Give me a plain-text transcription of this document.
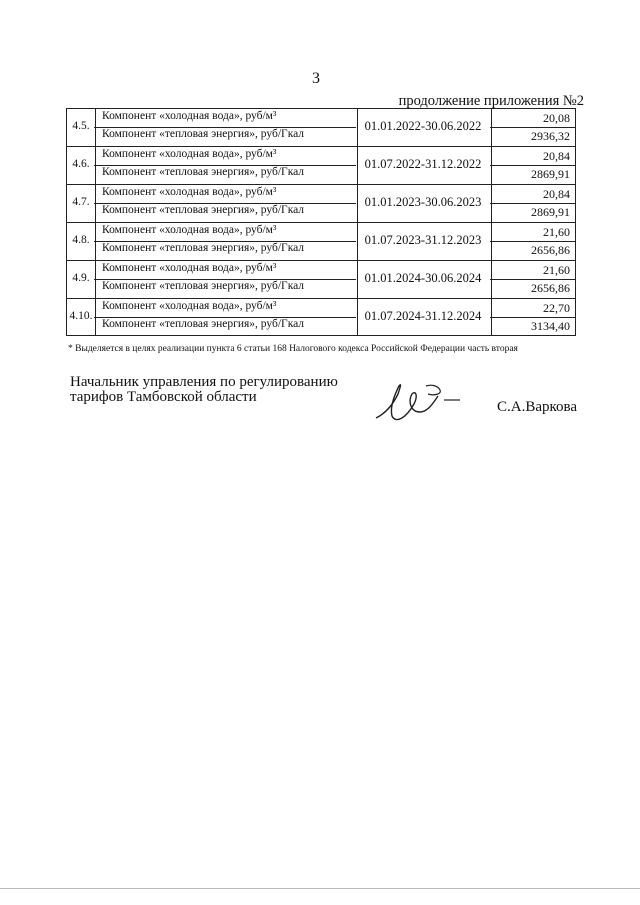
3
продолжение приложения №2
4.5.
Компонент «холодная вода», руб/м³
Компонент «тепловая энергия», руб/Гкал
01.01.2022-30.06.2022
20,08
2936,32
4.6.
Компонент «холодная вода», руб/м³
Компонент «тепловая энергия», руб/Гкал
01.07.2022-31.12.2022
20,84
2869,91
4.7.
Компонент «холодная вода», руб/м³
Компонент «тепловая энергия», руб/Гкал
01.01.2023-30.06.2023
20,84
2869,91
4.8.
Компонент «холодная вода», руб/м³
Компонент «тепловая энергия», руб/Гкал
01.07.2023-31.12.2023
21,60
2656,86
4.9.
Компонент «холодная вода», руб/м³
Компонент «тепловая энергия», руб/Гкал
01.01.2024-30.06.2024
21,60
2656,86
4.10.
Компонент «холодная вода», руб/м³
Компонент «тепловая энергия», руб/Гкал
01.07.2024-31.12.2024
22,70
3134,40
* Выделяется в целях реализации пункта 6 статьи 168 Налогового кодекса Российской Федерации часть вторая
Начальник управления по регулированию
тарифов Тамбовской области
С.А.Варкова
